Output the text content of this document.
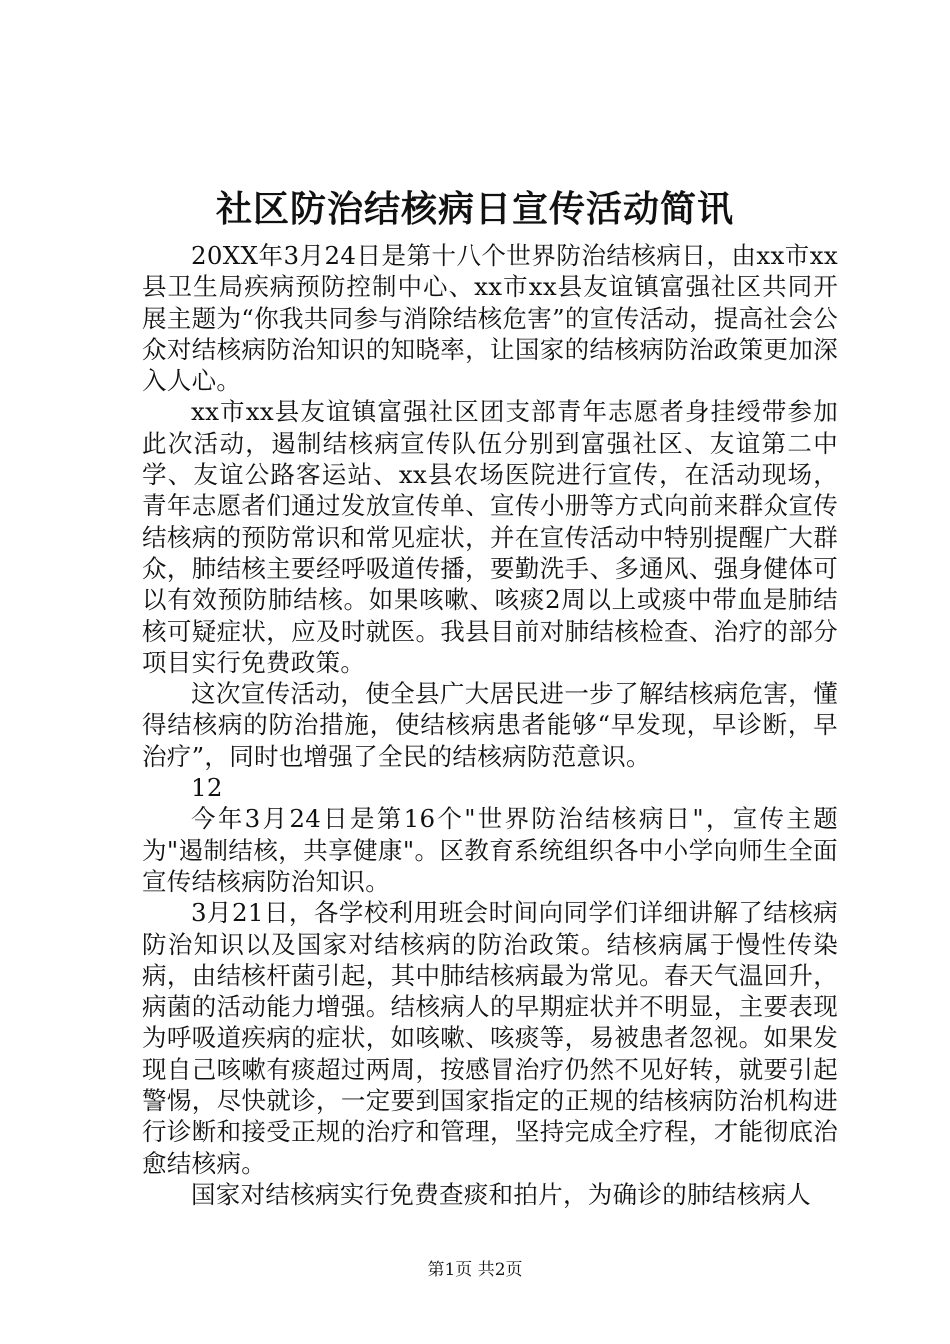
社区防治结核病日宣传活动简讯

20XX年3月24日是第十八个世界防治结核病日，由xx市xx县卫生局疾病预防控制中心、xx市xx县友谊镇富强社区共同开展主题为“你我共同参与消除结核危害”的宣传活动，提高社会公众对结核病防治知识的知晓率，让国家的结核病防治政策更加深入人心。

xx市xx县友谊镇富强社区团支部青年志愿者身挂绶带参加此次活动，遏制结核病宣传队伍分别到富强社区、友谊第二中学、友谊公路客运站、xx县农场医院进行宣传，在活动现场，青年志愿者们通过发放宣传单、宣传小册等方式向前来群众宣传结核病的预防常识和常见症状，并在宣传活动中特别提醒广大群众，肺结核主要经呼吸道传播，要勤洗手、多通风、强身健体可以有效预防肺结核。如果咳嗽、咳痰2周以上或痰中带血是肺结核可疑症状，应及时就医。我县目前对肺结核检查、治疗的部分项目实行免费政策。

这次宣传活动，使全县广大居民进一步了解结核病危害，懂得结核病的防治措施，使结核病患者能够“早发现，早诊断，早治疗”，同时也增强了全民的结核病防范意识。

12

今年3月24日是第16个"世界防治结核病日"，宣传主题为"遏制结核，共享健康"。区教育系统组织各中小学向师生全面宣传结核病防治知识。

3月21日，各学校利用班会时间向同学们详细讲解了结核病防治知识以及国家对结核病的防治政策。结核病属于慢性传染病，由结核杆菌引起，其中肺结核病最为常见。春天气温回升，病菌的活动能力增强。结核病人的早期症状并不明显，主要表现为呼吸道疾病的症状，如咳嗽、咳痰等，易被患者忽视。如果发现自己咳嗽有痰超过两周，按感冒治疗仍然不见好转，就要引起警惕，尽快就诊，一定要到国家指定的正规的结核病防治机构进行诊断和接受正规的治疗和管理，坚持完成全疗程，才能彻底治愈结核病。

国家对结核病实行免费查痰和拍片，为确诊的肺结核病人

第1页 共2页
